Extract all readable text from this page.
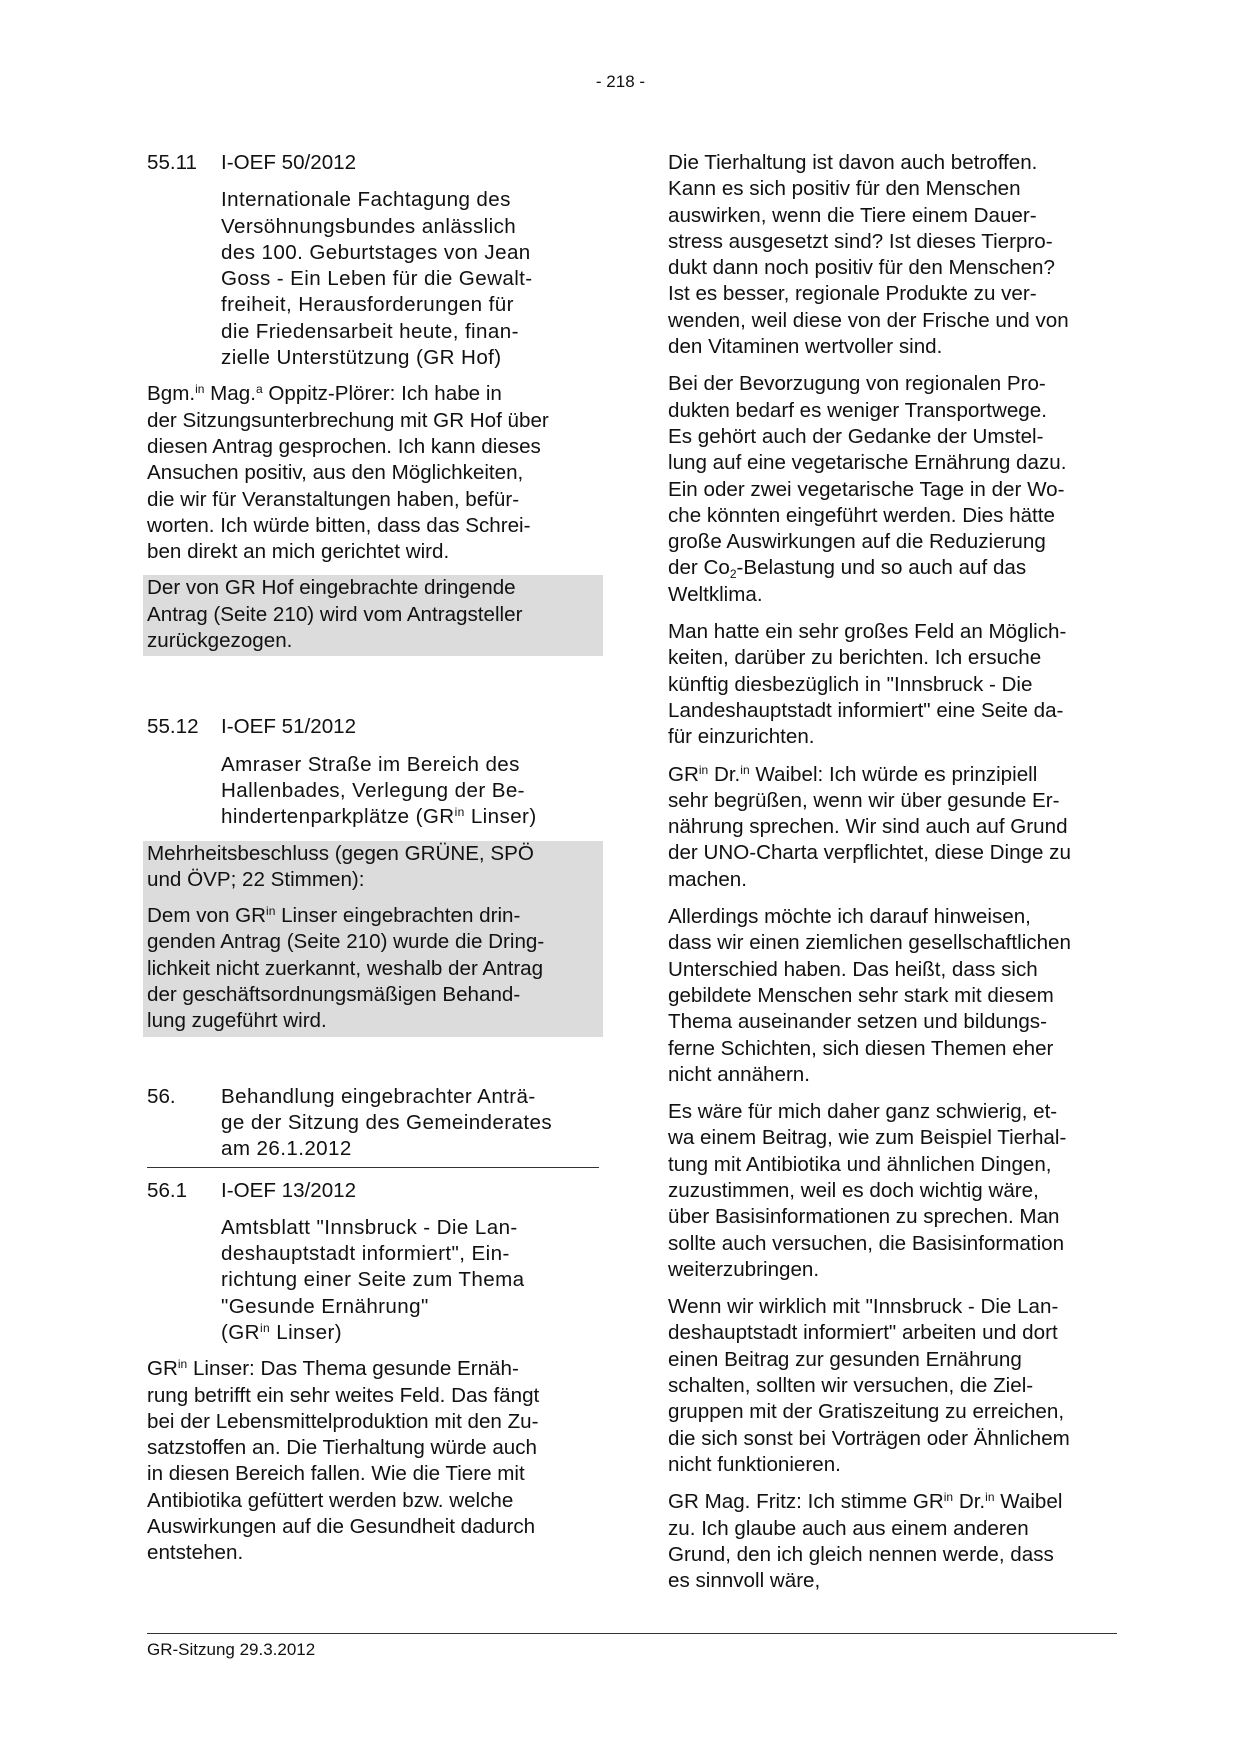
- 218 -
55.11 I-OEF 50/2012
Internationale Fachtagung des
Versöhnungsbundes anlässlich
des 100. Geburtstages von Jean
Goss - Ein Leben für die Gewalt-
freiheit, Herausforderungen für
die Friedensarbeit heute, finan-
zielle Unterstützung (GR Hof)

Bgm.$^{in}$ Mag.$^a$ Oppitz-Plörer: Ich habe in
der Sitzungsunterbrechung mit GR Hof über
diesen Antrag gesprochen. Ich kann dieses
Ansuchen positiv, aus den Möglichkeiten,
die wir für Veranstaltungen haben, befür-
worten. Ich würde bitten, dass das Schrei-
ben direkt an mich gerichtet wird.

Der von GR Hof eingebrachte dringende
Antrag (Seite 210) wird vom Antragsteller
zurückgezogen.
55.12 I-OEF 51/2012
Amraser Straße im Bereich des
Hallenbades, Verlegung der Be-
hindertenparkplätze ($GR^{in}$ Linser)
Mehrheitsbeschluss (gegen GRÜNE, SPÖ
und ÖVP; 22 Stimmen):
Dem von $GR^{in}$ Linser eingebrachten drin-
genden Antrag (Seite 210) wurde die Dring-
lichkeit nicht zuerkannt, weshalb der Antrag
der geschäftsordnungsmäßigen Behand-
lung zugeführt wird.
56. Behandlung eingebrachter Anträ-
ge der Sitzung des Gemeinderates
am 26.1.2012
56.1 I-OEF 13/2012
Amtsblatt "Innsbruck - Die Lan-
deshauptstadt informiert", Ein-
richtung einer Seite zum Thema
"Gesunde Ernährung"
($GR^{in}$ Linser)

$GR^{in}$ Linser: Das Thema gesunde Ernäh-
rung betrifft ein sehr weites Feld. Das fängt
bei der Lebensmittelproduktion mit den Zu-
satzstoffen an. Die Tierhaltung würde auch
in diesen Bereich fallen. Wie die Tiere mit
Antibiotika gefüttert werden bzw. welche
Auswirkungen auf die Gesundheit dadurch
entstehen.

Die Tierhaltung ist davon auch betroffen.
Kann es sich positiv für den Menschen
auswirken, wenn die Tiere einem Dauer-
stress ausgesetzt sind? Ist dieses Tierpro-
dukt dann noch positiv für den Menschen?
Ist es besser, regionale Produkte zu ver-
wenden, weil diese von der Frische und von
den Vitaminen wertvoller sind.

Bei der Bevorzugung von regionalen Pro-
dukten bedarf es weniger Transportwege.
Es gehört auch der Gedanke der Umstel-
lung auf eine vegetarische Ernährung dazu.
Ein oder zwei vegetarische Tage in der Wo-
che könnten eingeführt werden. Dies hätte
große Auswirkungen auf die Reduzierung
der $Co_2$-Belastung und so auch auf das
Weltklima.

Man hatte ein sehr großes Feld an Möglich-
keiten, darüber zu berichten. Ich ersuche
künftig diesbezüglich in "Innsbruck - Die
Landeshauptstadt informiert" eine Seite da-
für einzurichten.

$GR^{in}$ Dr.$^{in}$ Waibel: Ich würde es prinzipiell
sehr begrüßen, wenn wir über gesunde Er-
nährung sprechen. Wir sind auch auf Grund
der UNO-Charta verpflichtet, diese Dinge zu
machen.

Allerdings möchte ich darauf hinweisen,
dass wir einen ziemlichen gesellschaftlichen
Unterschied haben. Das heißt, dass sich
gebildete Menschen sehr stark mit diesem
Thema auseinander setzen und bildungs-
ferne Schichten, sich diesen Themen eher
nicht annähern.

Es wäre für mich daher ganz schwierig, et-
wa einem Beitrag, wie zum Beispiel Tierhal-
tung mit Antibiotika und ähnlichen Dingen,
zuzustimmen, weil es doch wichtig wäre,
über Basisinformationen zu sprechen. Man
sollte auch versuchen, die Basisinformation
weiterzubringen.

Wenn wir wirklich mit "Innsbruck - Die Lan-
deshauptstadt informiert" arbeiten und dort
einen Beitrag zur gesunden Ernährung
schalten, sollten wir versuchen, die Ziel-
gruppen mit der Gratiszeitung zu erreichen,
die sich sonst bei Vorträgen oder Ähnlichem
nicht funktionieren.

GR Mag. Fritz: Ich stimme $GR^{in}$ Dr.$^{in}$ Waibel
zu. Ich glaube auch aus einem anderen
Grund, den ich gleich nennen werde, dass
es sinnvoll wäre,

GR-Sitzung 29.3.2012
